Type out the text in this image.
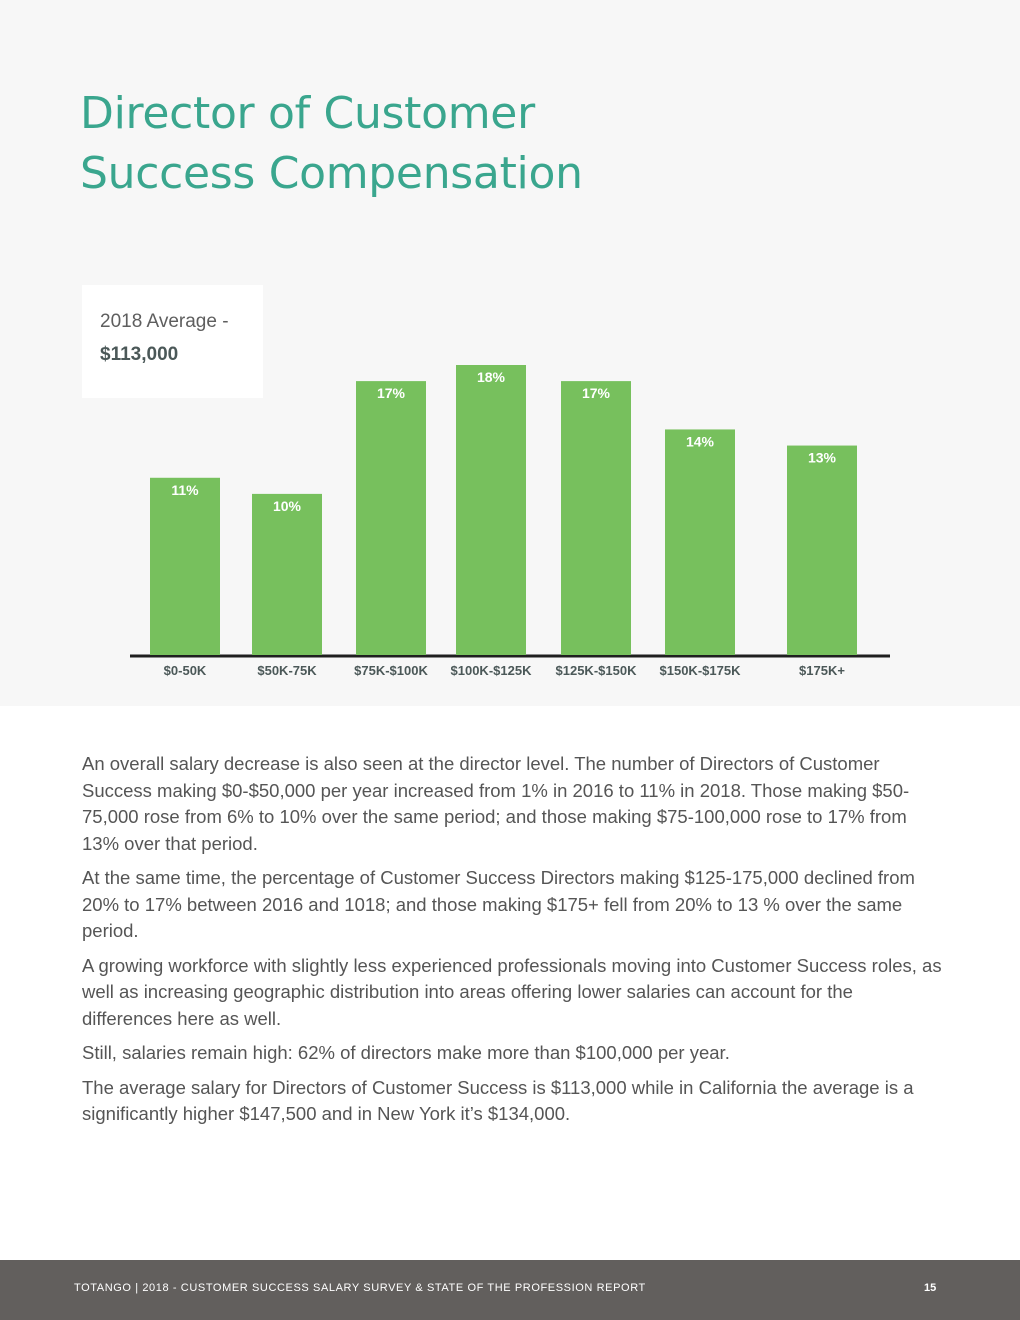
Director of Customer
Success Compensation
11%
$0-50K
10%
$50K-75K
17%
$75K-$100K
18%
$100K-$125K
17%
$125K-$150K
14%
$150K-$175K
13%
$175K+
2018 Average -
$113,000

An overall salary decrease is also seen at the director level. The number of Directors of Customer Success making $0-$50,000 per year increased from 1% in 2016 to 11% in 2018. Those making $50-75,000 rose from 6% to 10% over the same period; and those making $75-100,000 rose to 17% from 13% over that period.

At the same time, the percentage of Customer Success Directors making $125-175,000 declined from 20% to 17% between 2016 and 1018; and those making $175+ fell from 20% to 13 % over the same period.

A growing workforce with slightly less experienced professionals moving into Customer Success roles, as well as increasing geographic distribution into areas offering lower salaries can account for the differences here as well.

Still, salaries remain high: 62% of directors make more than $100,000 per year.

The average salary for Directors of Customer Success is $113,000 while in California the average is a significantly higher $147,500 and in New York it’s $134,000.

TOTANGO | 2018 - CUSTOMER SUCCESS SALARY SURVEY & STATE OF THE PROFESSION REPORT	15
